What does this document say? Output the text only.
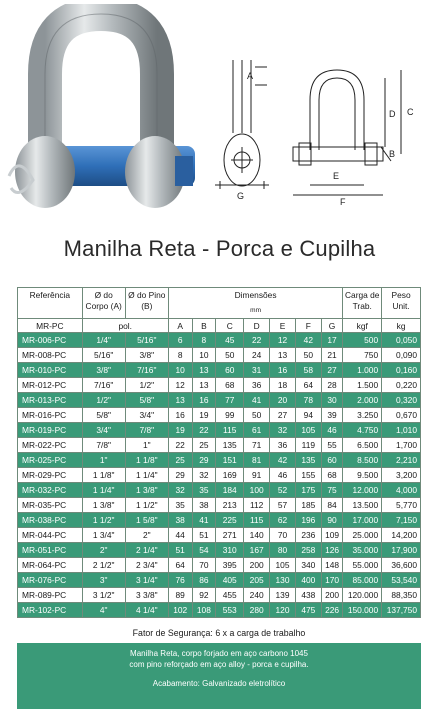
G
A
E
F
C
D
B
Manilha Reta - Porca e Cupilha
Referência	Ø do Corpo (A)	Ø do Pino (B)	Dimensões
mm							Carga de Trab.	Peso Unit.
MR-PC	pol.		A	B	C	D	E	F	G	kgf	kg
MR-006-PC	1/4"	5/16"	6	8	45	22	12	42	17	500	0,050
MR-008-PC	5/16"	3/8"	8	10	50	24	13	50	21	750	0,090
MR-010-PC	3/8"	7/16"	10	13	60	31	16	58	27	1.000	0,160
MR-012-PC	7/16"	1/2"	12	13	68	36	18	64	28	1.500	0,220
MR-013-PC	1/2"	5/8"	13	16	77	41	20	78	30	2.000	0,320
MR-016-PC	5/8"	3/4"	16	19	99	50	27	94	39	3.250	0,670
MR-019-PC	3/4"	7/8"	19	22	115	61	32	105	46	4.750	1,010
MR-022-PC	7/8"	1"	22	25	135	71	36	119	55	6.500	1,700
MR-025-PC	1"	1 1/8"	25	29	151	81	42	135	60	8.500	2,210
MR-029-PC	1 1/8"	1 1/4"	29	32	169	91	46	155	68	9.500	3,200
MR-032-PC	1 1/4"	1 3/8"	32	35	184	100	52	175	75	12.000	4,000
MR-035-PC	1 3/8"	1 1/2"	35	38	213	112	57	185	84	13.500	5,770
MR-038-PC	1 1/2"	1 5/8"	38	41	225	115	62	196	90	17.000	7,150
MR-044-PC	1 3/4"	2"	44	51	271	140	70	236	109	25.000	14,200
MR-051-PC	2"	2 1/4"	51	54	310	167	80	258	126	35.000	17,900
MR-064-PC	2 1/2"	2 3/4"	64	70	395	200	105	340	148	55.000	36,600
MR-076-PC	3"	3 1/4"	76	86	405	205	130	400	170	85.000	53,540
MR-089-PC	3 1/2"	3 3/8"	89	92	455	240	139	438	200	120.000	88,350
MR-102-PC	4"	4 1/4"	102	108	553	280	120	475	226	150.000	137,750
Fator de Segurança: 6 x a carga de trabalho
Manilha Reta, corpo forjado em aço carbono 1045
com pino reforçado em aço alloy - porca e cupilha.
Acabamento: Galvanizado eletrolítico
